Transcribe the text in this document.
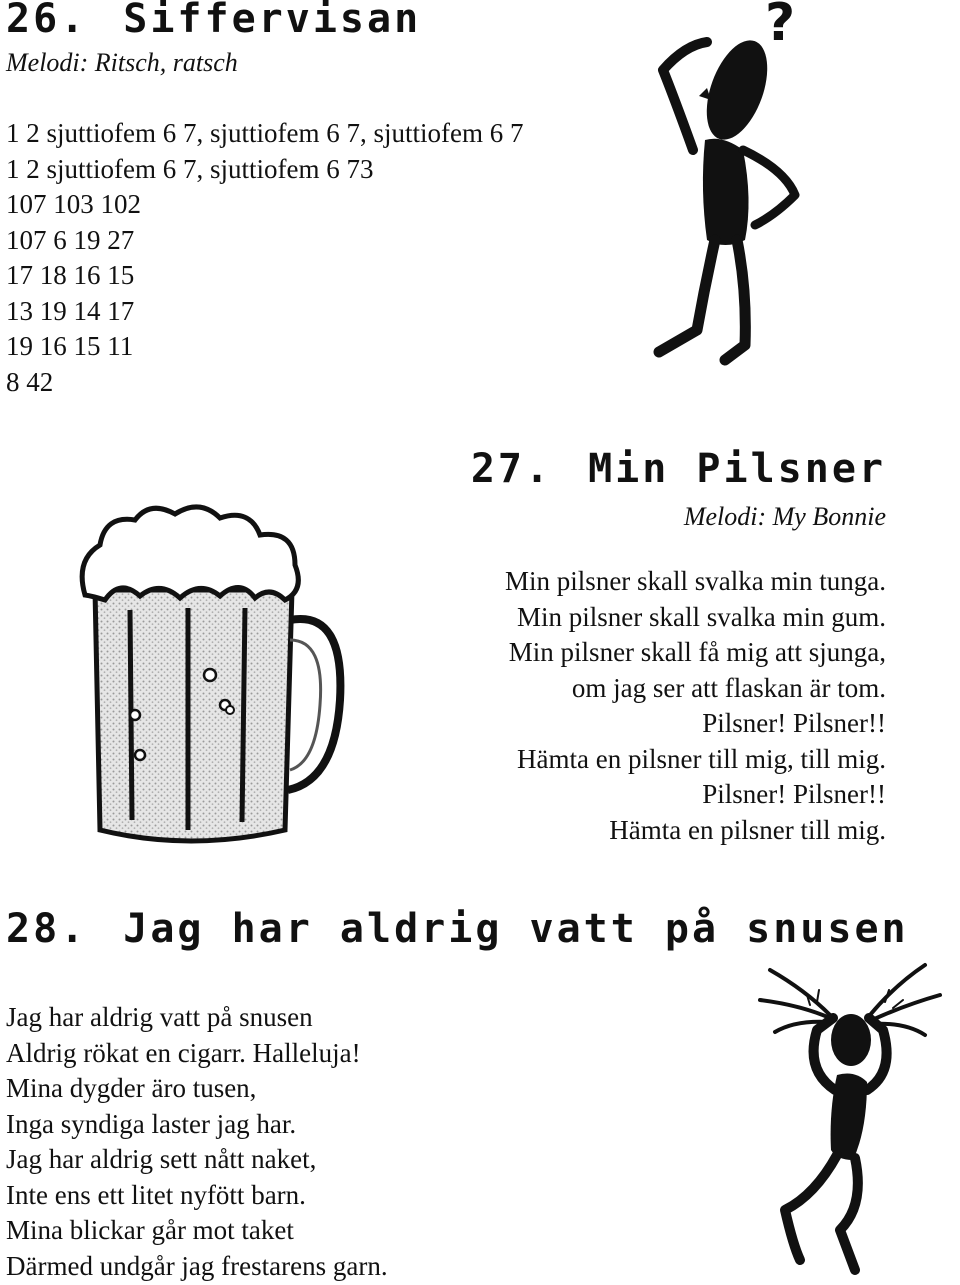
26. Siffervisan

Melodi: Ritsch, ratsch

1 2 sjuttiofem 6 7, sjuttiofem 6 7, sjuttiofem 6 7
1 2 sjuttiofem 6 7, sjuttiofem 6 73
107 103 102
107 6 19 27
17 18 16 15
13 19 14 17
19 16 15 11
8 42
?
27. Min Pilsner

Melodi: My Bonnie

Min pilsner skall svalka min tunga.
Min pilsner skall svalka min gum.
Min pilsner skall få mig att sjunga,
om jag ser att flaskan är tom.
Pilsner! Pilsner!!
Hämta en pilsner till mig, till mig.
Pilsner! Pilsner!!
Hämta en pilsner till mig.
28. Jag har aldrig vatt på snusen
Jag har aldrig vatt på snusen
Aldrig rökat en cigarr. Halleluja!
Mina dygder äro tusen,
Inga syndiga laster jag har.
Jag har aldrig sett nått naket,
Inte ens ett litet nyfött barn.
Mina blickar går mot taket
Därmed undgår jag frestarens garn.
